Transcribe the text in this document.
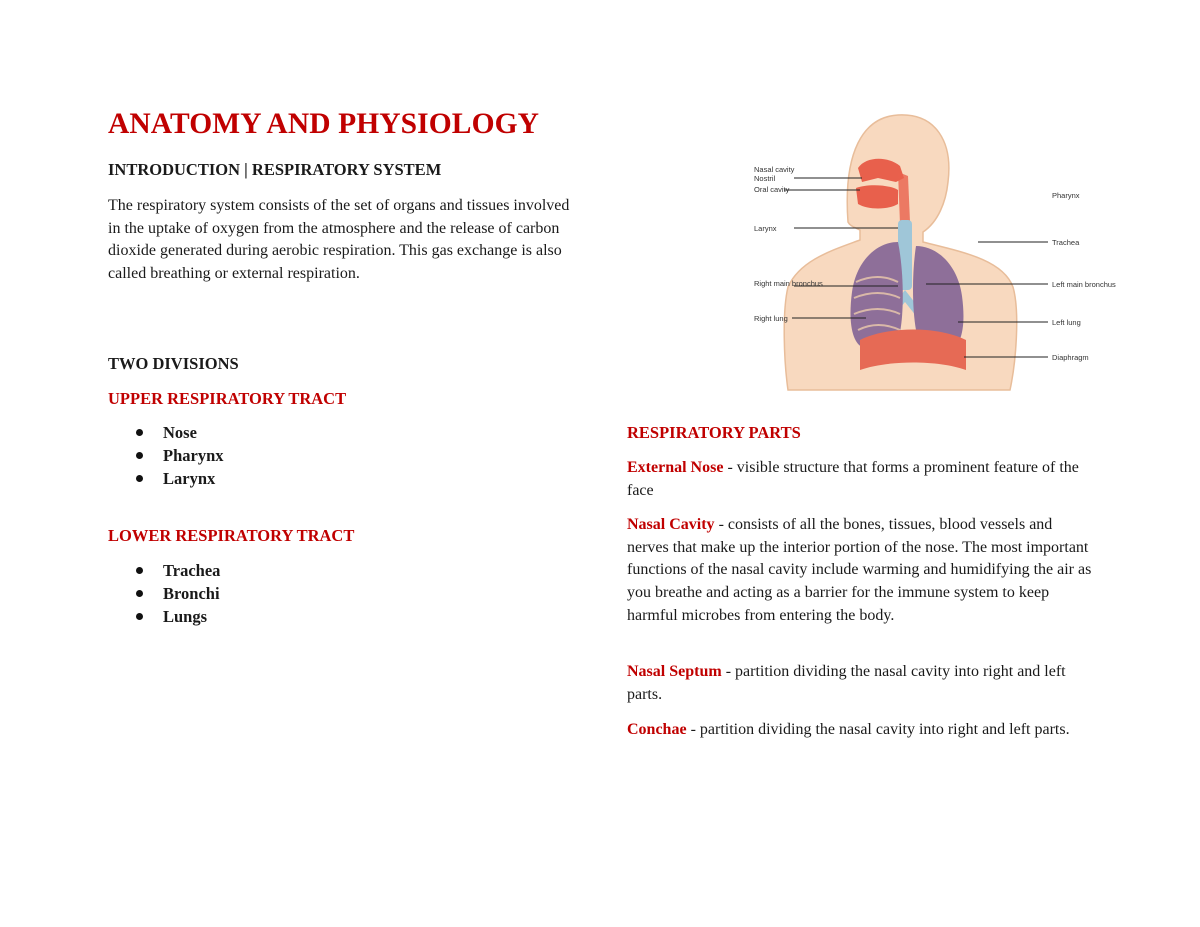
ANATOMY AND PHYSIOLOGY
INTRODUCTION | RESPIRATORY SYSTEM

The respiratory system consists of the set of organs and tissues involved in the uptake of oxygen from the atmosphere and the release of carbon dioxide generated during aerobic respiration. This gas exchange is also called breathing or external respiration.

TWO DIVISIONS
UPPER RESPIRATORY TRACT
Nose
Pharynx
Larynx
LOWER RESPIRATORY TRACT
Trachea
Bronchi
Lungs
Nasal cavity
Nostril
Oral cavity
Larynx
Right main bronchus
Right lung
Pharynx
Trachea
Left main bronchus
Left lung
Diaphragm
RESPIRATORY PARTS

External Nose - visible structure that forms a prominent feature of the face

Nasal Cavity - consists of all the bones, tissues, blood vessels and nerves that make up the interior portion of the nose. The most important functions of the nasal cavity include warming and humidifying the air as you breathe and acting as a barrier for the immune system to keep harmful microbes from entering the body.

Nasal Septum - partition dividing the nasal cavity into right and left parts.

Conchae - partition dividing the nasal cavity into right and left parts.
